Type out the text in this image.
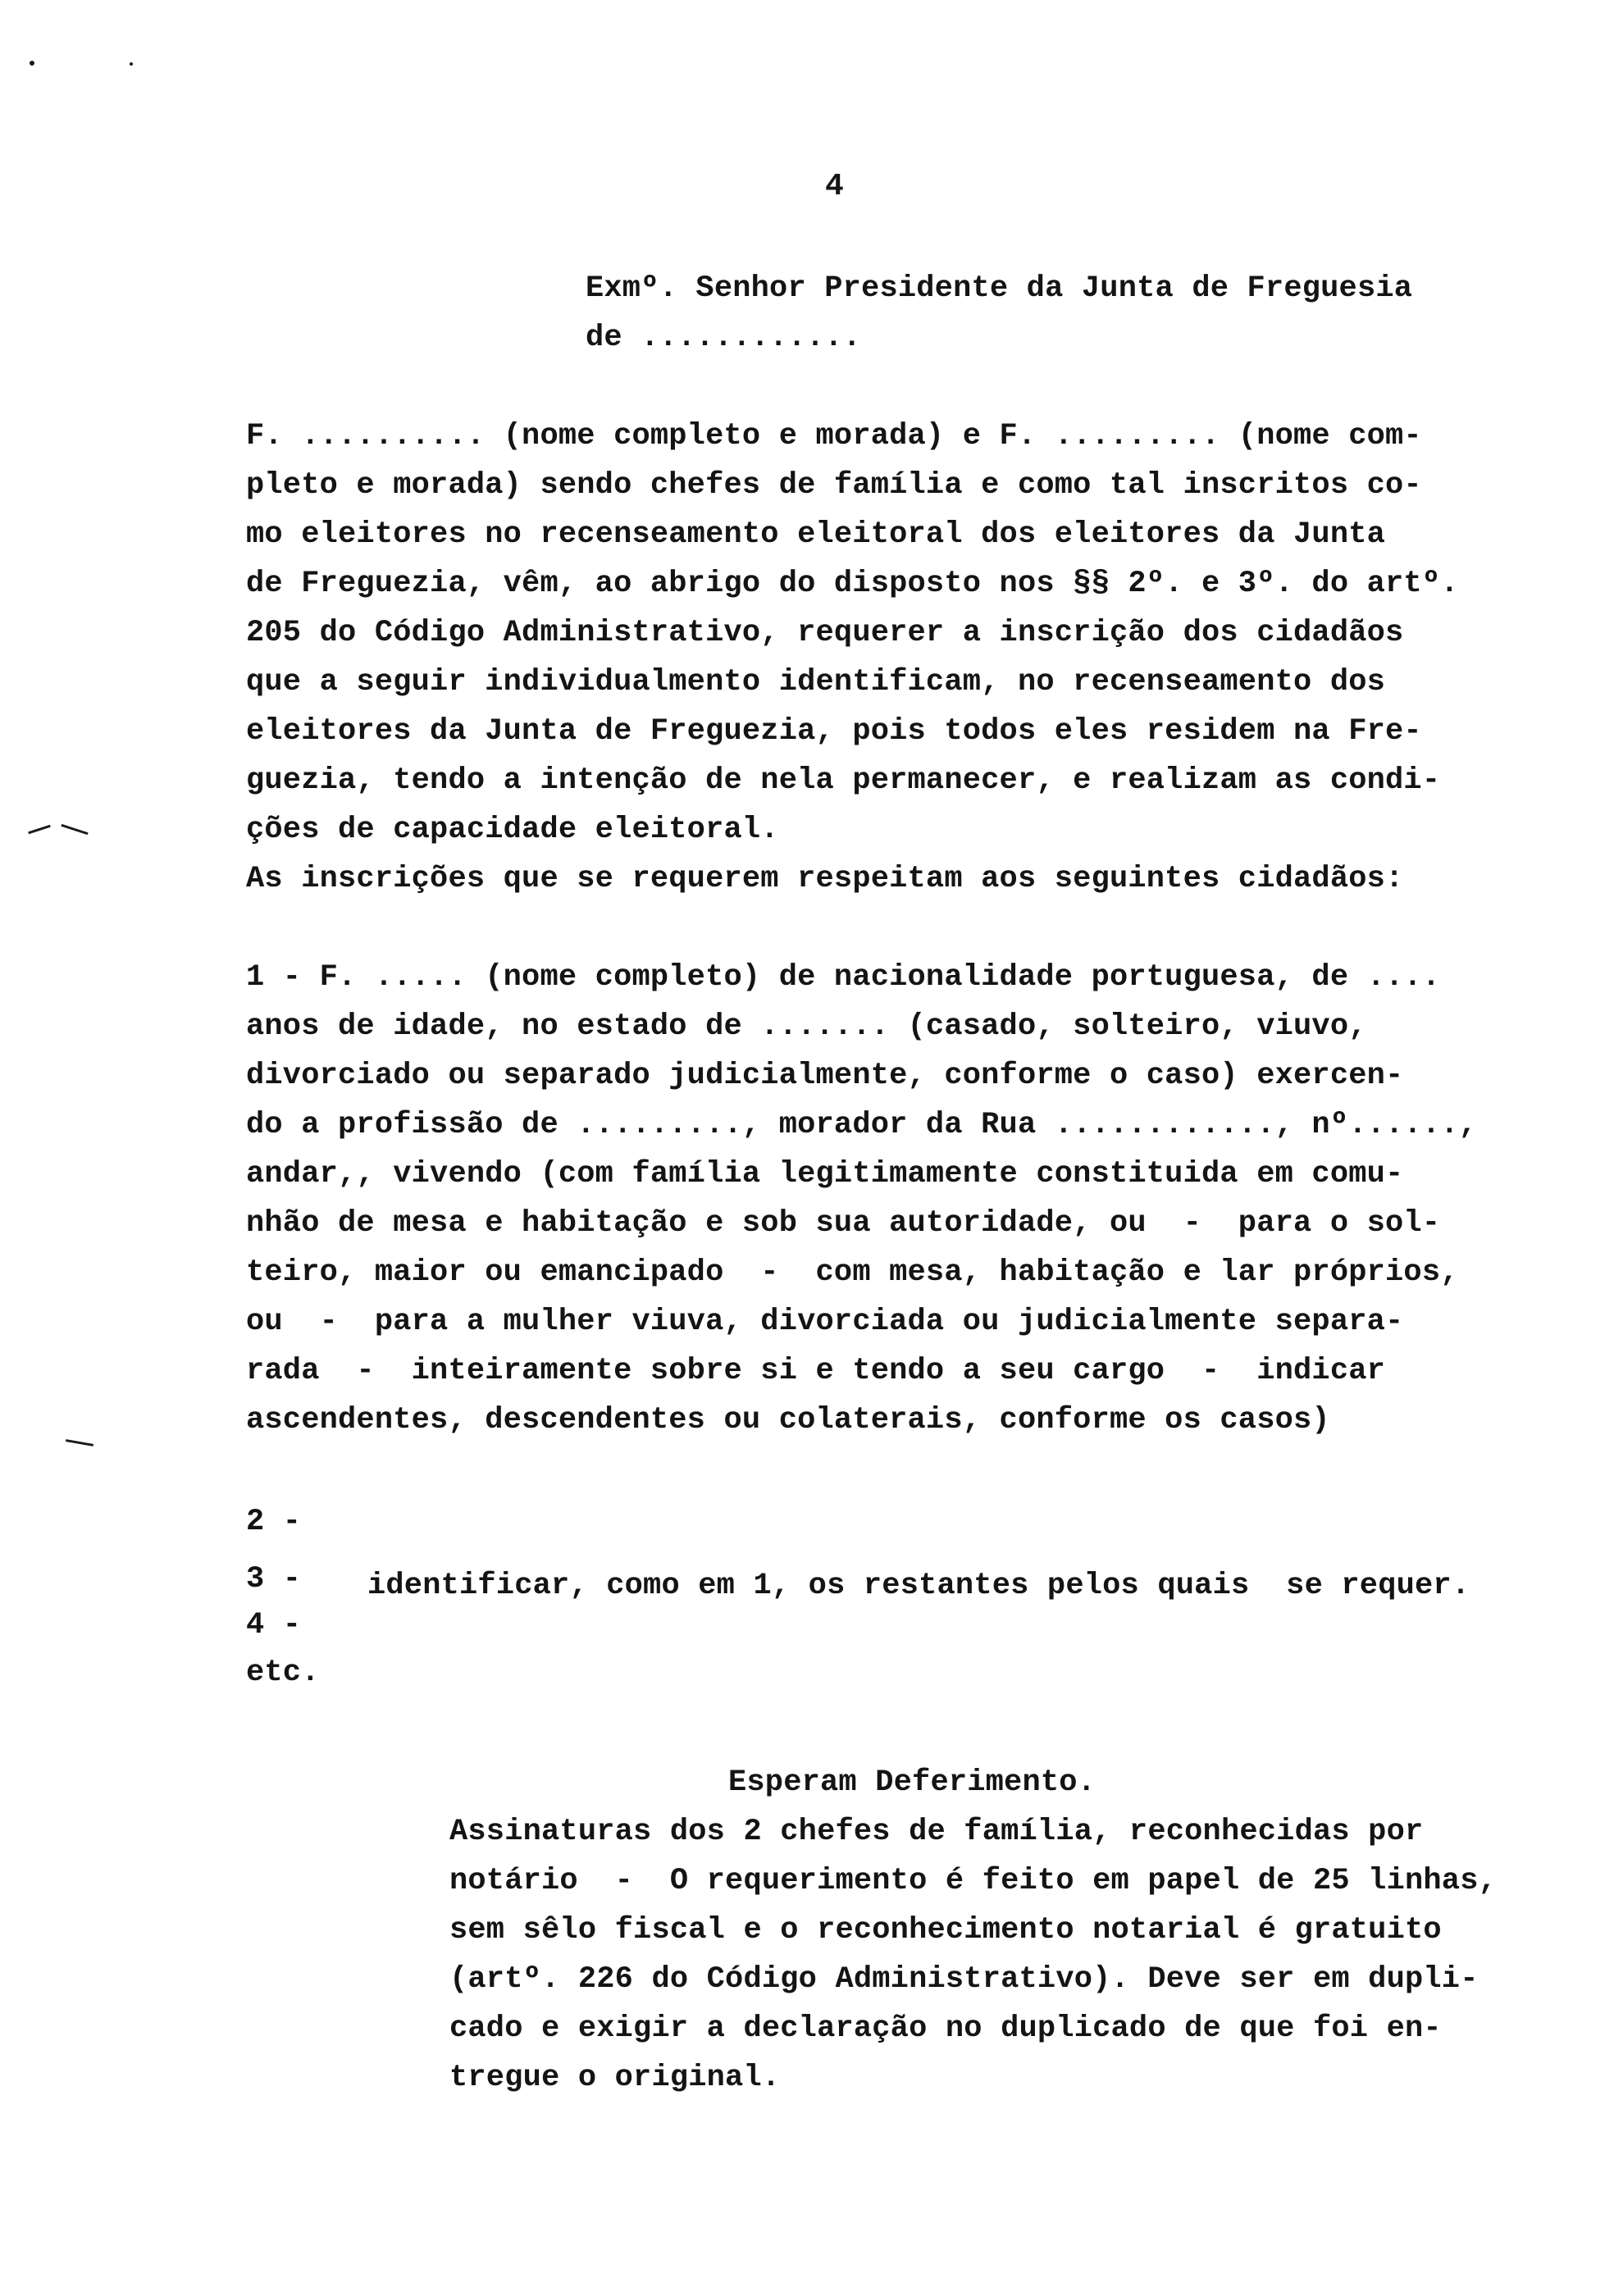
4
Exmº. Senhor Presidente da Junta de Freguesia
de ............
F. .......... (nome completo e morada) e F. ......... (nome com-
pleto e morada) sendo chefes de família e como tal inscritos co-
mo eleitores no recenseamento eleitoral dos eleitores da Junta
de Freguezia, vêm, ao abrigo do disposto nos §§ 2º. e 3º. do artº.
205 do Código Administrativo, requerer a inscrição dos cidadãos
que a seguir individualmento identificam, no recenseamento dos
eleitores da Junta de Freguezia, pois todos eles residem na Fre-
guezia, tendo a intenção de nela permanecer, e realizam as condi-
ções de capacidade eleitoral.
As inscrições que se requerem respeitam aos seguintes cidadãos:
1 - F. ..... (nome completo) de nacionalidade portuguesa, de ....
anos de idade, no estado de ....... (casado, solteiro, viuvo,
divorciado ou separado judicialmente, conforme o caso) exercen-
do a profissão de ........., morador da Rua ............, nº......,
andar,, vivendo (com família legitimamente constituida em comu-
nhão de mesa e habitação e sob sua autoridade, ou  -  para o sol-
teiro, maior ou emancipado  -  com mesa, habitação e lar próprios,
ou  -  para a mulher viuva, divorciada ou judicialmente separa-
rada  -  inteiramente sobre si e tendo a seu cargo  -  indicar
ascendentes, descendentes ou colaterais, conforme os casos)
2 -
3 -
4 -
etc.
identificar, como em 1, os restantes pelos quais  se requer.
Esperam Deferimento.
Assinaturas dos 2 chefes de família, reconhecidas por
notário  -  O requerimento é feito em papel de 25 linhas,
sem sêlo fiscal e o reconhecimento notarial é gratuito
(artº. 226 do Código Administrativo). Deve ser em dupli-
cado e exigir a declaração no duplicado de que foi en-
tregue o original.
